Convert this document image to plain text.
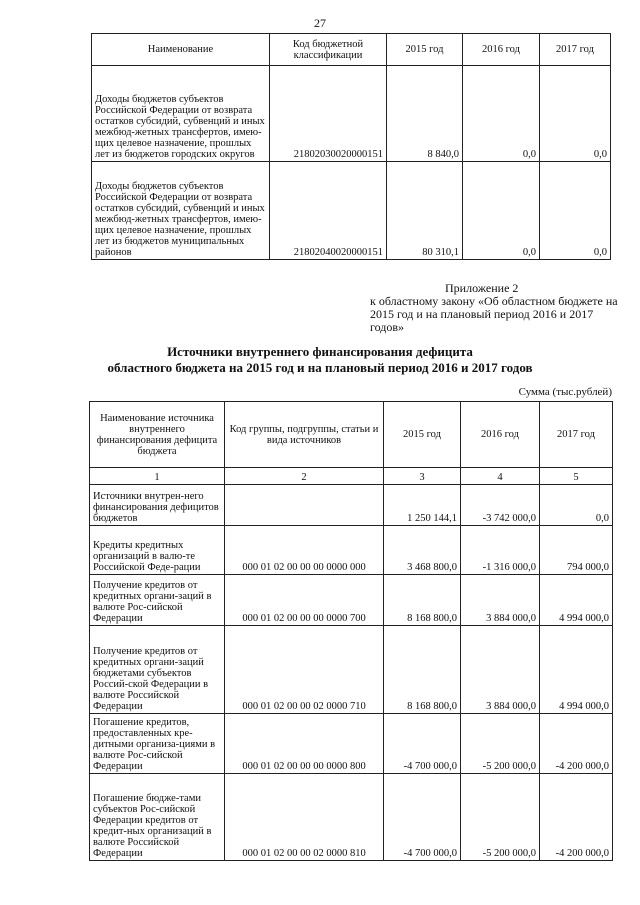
27
Наименование	Код бюджетной классификации	2015 год	2016 год	2017 год
Доходы бюджетов субъектов Российской Федерации от возврата остатков субсидий, субвенций и иных межбюд-жетных трансфертов, имею-щих целевое назначение, прошлых лет из бюджетов городских округов	21802030020000151	8 840,0	0,0	0,0
Доходы бюджетов субъектов Российской Федерации от возврата остатков субсидий, субвенций и иных межбюд-жетных трансфертов, имею-щих целевое назначение, прошлых лет из бюджетов муниципальных районов	21802040020000151	80 310,1	0,0	0,0
Приложение 2
к областному закону «Об областном бюджете на 2015 год и на плановый период 2016 и 2017 годов»
Источники внутреннего финансирования дефицита
областного бюджета на 2015 год и на плановый период 2016 и 2017 годов
Сумма (тыс.рублей)
Наименование источника внутреннего финансирования дефицита бюджета	Код группы, подгруппы, статьи и вида источников	2015 год	2016 год	2017 год
1	2	3	4	5
Источники внутрен-него финансирования дефицитов бюджетов		1 250 144,1	-3 742 000,0	0,0
Кредиты кредитных организаций в валю-те Российской Феде-рации	000 01 02 00 00 00 0000 000	3 468 800,0	-1 316 000,0	794 000,0
Получение кредитов от кредитных органи-заций в валюте Рос-сийской Федерации	000 01 02 00 00 00 0000 700	8 168 800,0	3 884 000,0	4 994 000,0
Получение кредитов от кредитных органи-заций бюджетами субъектов Россий-ской Федерации в валюте Российской Федерации	000 01 02 00 00 02 0000 710	8 168 800,0	3 884 000,0	4 994 000,0
Погашение кредитов, предоставленных кре-дитными организа-циями в валюте Рос-сийской Федерации	000 01 02 00 00 00 0000 800	-4 700 000,0	-5 200 000,0	-4 200 000,0
Погашение бюдже-тами субъектов Рос-сийской Федерации кредитов от кредит-ных организаций в валюте Российской Федерации	000 01 02 00 00 02 0000 810	-4 700 000,0	-5 200 000,0	-4 200 000,0
